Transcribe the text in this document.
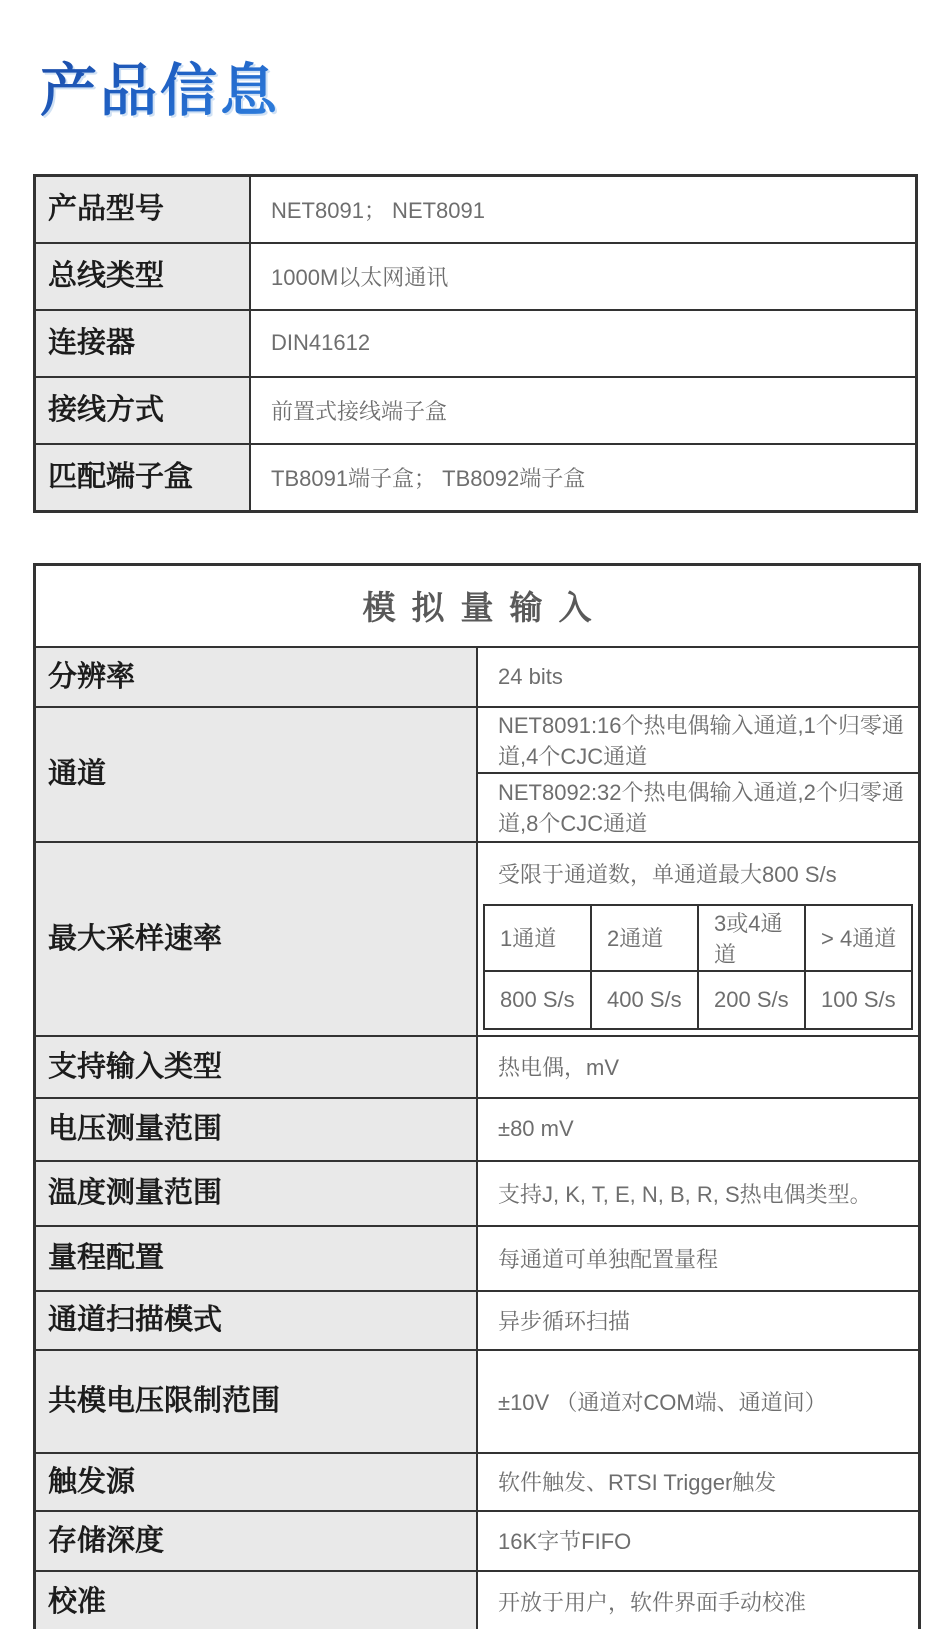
产品信息
产品型号	NET8091； NET8091
总线类型	1000M以太网通讯
连接器	DIN41612
接线方式	前置式接线端子盒
匹配端子盒	TB8091端子盒； TB8092端子盒
模拟量输入
分辨率	24 bits
通道	NET8091:16个热电偶输入通道,1个归零通道,4个CJC通道
NET8092:32个热电偶输入通道,2个归零通道,8个CJC通道
最大采样速率	
受限于通道数，单通道最大800 S/s
1通道	2通道	3或4通道	> 4通道
800 S/s	400 S/s	200 S/s	100 S/s

支持输入类型	热电偶，mV
电压测量范围	±80 mV
温度测量范围	支持J, K, T, E, N, B, R, S热电偶类型。
量程配置	每通道可单独配置量程
通道扫描模式	异步循环扫描
共模电压限制范围	±10V （通道对COM端、通道间）
触发源	软件触发、RTSI Trigger触发
存储深度	16K字节FIFO
校准	开放于用户，软件界面手动校准
